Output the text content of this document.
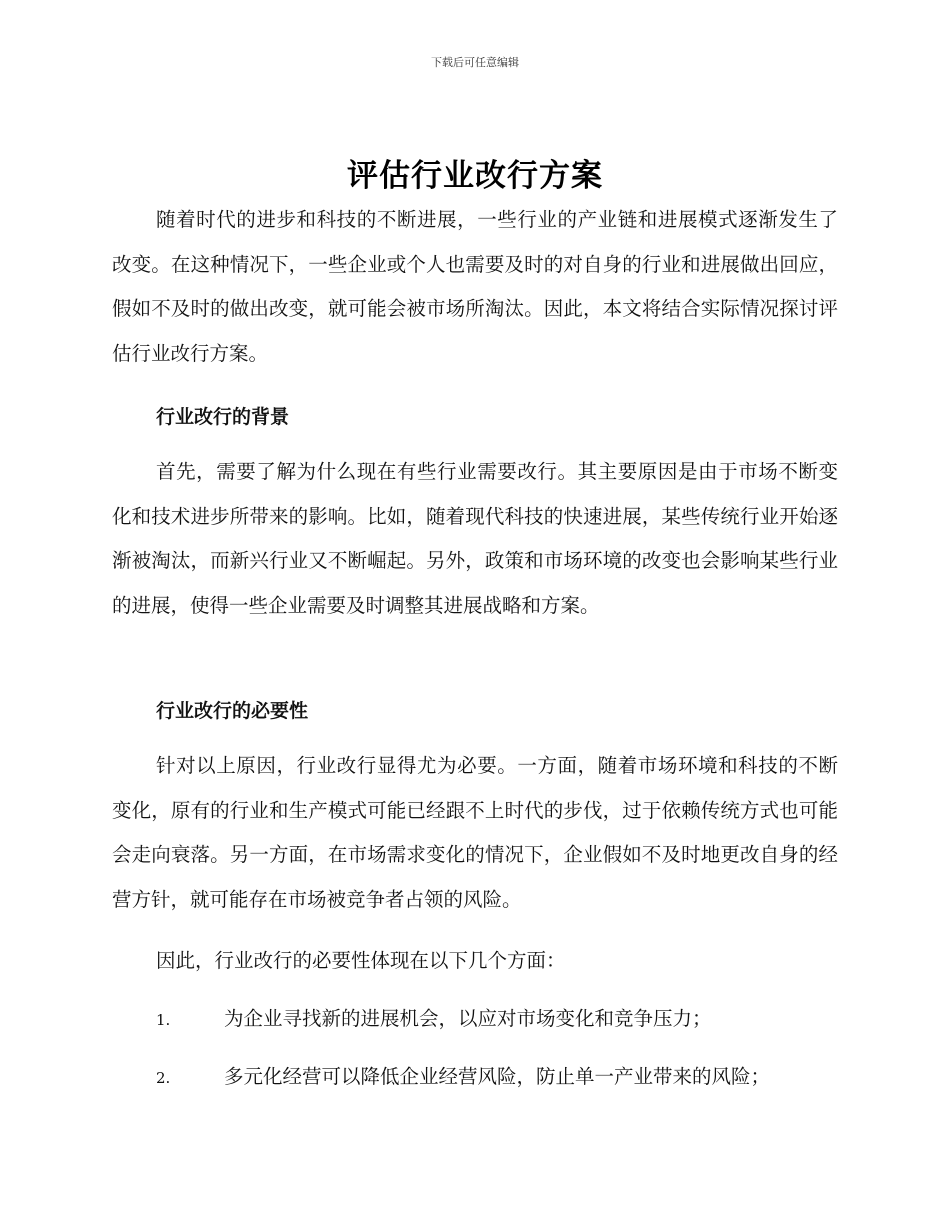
下载后可任意编辑
评估行业改行方案

随着时代的进步和科技的不断进展，一些行业的产业链和进展模式逐渐发生了改变。在这种情况下，一些企业或个人也需要及时的对自身的行业和进展做出回应，假如不及时的做出改变，就可能会被市场所淘汰。因此，本文将结合实际情况探讨评估行业改行方案。

行业改行的背景

首先，需要了解为什么现在有些行业需要改行。其主要原因是由于市场不断变化和技术进步所带来的影响。比如，随着现代科技的快速进展，某些传统行业开始逐渐被淘汰，而新兴行业又不断崛起。另外，政策和市场环境的改变也会影响某些行业的进展，使得一些企业需要及时调整其进展战略和方案。

行业改行的必要性

针对以上原因，行业改行显得尤为必要。一方面，随着市场环境和科技的不断变化，原有的行业和生产模式可能已经跟不上时代的步伐，过于依赖传统方式也可能会走向衰落。另一方面，在市场需求变化的情况下，企业假如不及时地更改自身的经营方针，就可能存在市场被竞争者占领的风险。

因此，行业改行的必要性体现在以下几个方面：

1.	为企业寻找新的进展机会，以应对市场变化和竞争压力；

2.	多元化经营可以降低企业经营风险，防止单一产业带来的风险；
